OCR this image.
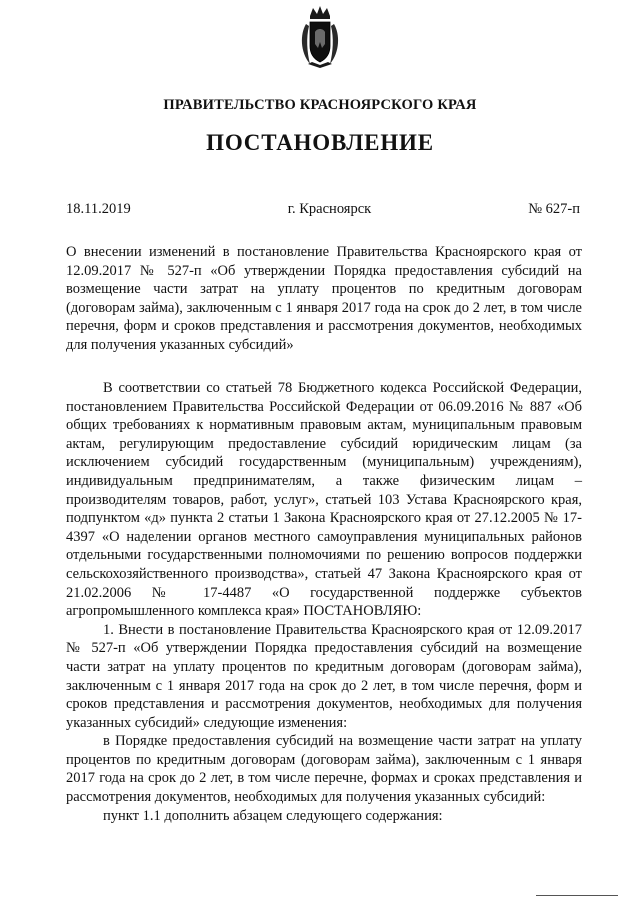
ПРАВИТЕЛЬСТВО КРАСНОЯРСКОГО КРАЯ
ПОСТАНОВЛЕНИЕ
18.11.2019	г. Красноярск	№ 627-п
О внесении изменений в постановление Правительства Красноярского края от 12.09.2017 № 527-п «Об утверждении Порядка предоставления субсидий на возмещение части затрат на уплату процентов по кредитным договорам (договорам займа), заключенным с 1 января 2017 года на срок до 2 лет, в том числе перечня, форм и сроков представления и рассмотрения документов, необходимых для получения указанных субсидий»

В соответствии со статьей 78 Бюджетного кодекса Российской Федерации, постановлением Правительства Российской Федерации от 06.09.2016 № 887 «Об общих требованиях к нормативным правовым актам, муниципальным правовым актам, регулирующим предоставление субсидий юридическим лицам (за исключением субсидий государственным (муниципальным) учреждениям), индивидуальным предпринимателям, а также физическим лицам – производителям товаров, работ, услуг», статьей 103 Устава Красноярского края, подпунктом «д» пункта 2 статьи 1 Закона Красноярского края от 27.12.2005 № 17-4397 «О наделении органов местного самоуправления муниципальных районов отдельными государственными полномочиями по решению вопросов поддержки сельскохозяйственного производства», статьей 47 Закона Красноярского края от 21.02.2006 № 17-4487 «О государственной поддержке субъектов агропромышленного комплекса края» ПОСТАНОВЛЯЮ:

1. Внести в постановление Правительства Красноярского края от 12.09.2017 № 527-п «Об утверждении Порядка предоставления субсидий на возмещение части затрат на уплату процентов по кредитным договорам (договорам займа), заключенным с 1 января 2017 года на срок до 2 лет, в том числе перечня, форм и сроков представления и рассмотрения документов, необходимых для получения указанных субсидий» следующие изменения:

в Порядке предоставления субсидий на возмещение части затрат на уплату процентов по кредитным договорам (договорам займа), заключенным с 1 января 2017 года на срок до 2 лет, в том числе перечне, формах и сроках представления и рассмотрения документов, необходимых для получения указанных субсидий:

пункт 1.1 дополнить абзацем следующего содержания:
